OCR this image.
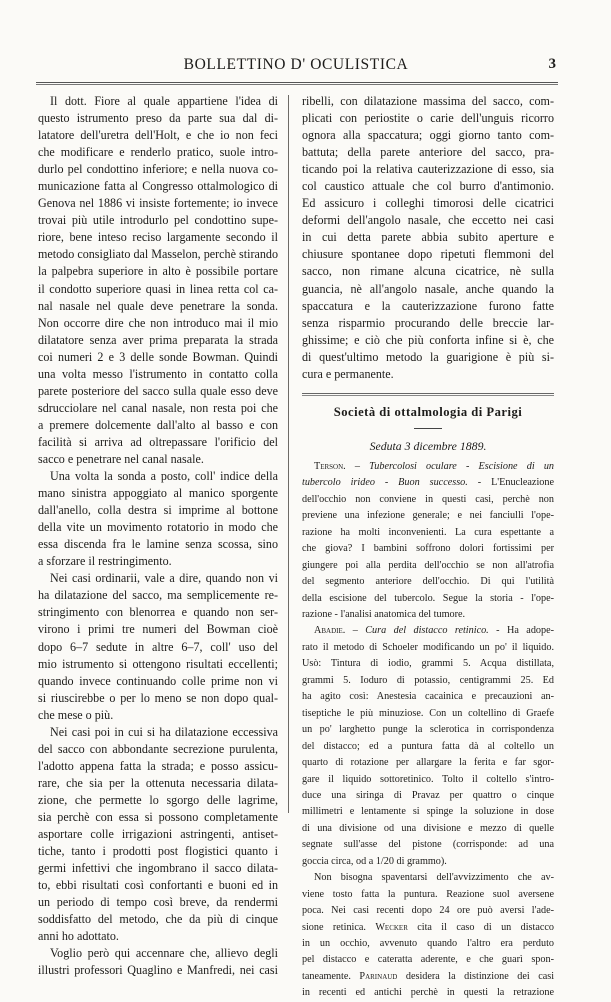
BOLLETTINO D' OCULISTICA	3
Il dott. Fiore al quale appartiene l'idea di
questo istrumento preso da parte sua dal di-
latatore dell'uretra dell'Holt, e che io non feci
che modificare e renderlo pratico, suole intro-
durlo pel condottino inferiore; e nella nuova co-
municazione fatta al Congresso ottalmologico di
Genova nel 1886 vi insiste fortemente; io invece
trovai più utile introdurlo pel condottino supe-
riore, bene inteso reciso largamente secondo il
metodo consigliato dal Masselon, perchè stirando
la palpebra superiore in alto è possibile portare
il condotto superiore quasi in linea retta col ca-
nal nasale nel quale deve penetrare la sonda.
Non occorre dire che non introduco mai il mio
dilatatore senza aver prima preparata la strada
coi numeri 2 e 3 delle sonde Bowman. Quindi
una volta messo l'istrumento in contatto colla
parete posteriore del sacco sulla quale esso deve
sdrucciolare nel canal nasale, non resta poi che
a premere dolcemente dall'alto al basso e con
facilità si arriva ad oltrepassare l'orificio del
sacco e penetrare nel canal nasale.
Una volta la sonda a posto, coll' indice della
mano sinistra appoggiato al manico sporgente
dall'anello, colla destra si imprime al bottone
della vite un movimento rotatorio in modo che
essa discenda fra le lamine senza scossa, sino
a sforzare il restringimento.
Nei casi ordinarii, vale a dire, quando non vi
ha dilatazione del sacco, ma semplicemente re-
stringimento con blenorrea e quando non ser-
virono i primi tre numeri del Bowman cioè
dopo 6–7 sedute in altre 6–7, coll' uso del
mio istrumento si ottengono risultati eccellenti;
quando invece continuando colle prime non vi
si riuscirebbe o per lo meno se non dopo qual-
che mese o più.
Nei casi poi in cui si ha dilatazione eccessiva
del sacco con abbondante secrezione purulenta,
l'adotto appena fatta la strada; e posso assicu-
rare, che sia per la ottenuta necessaria dilata-
zione, che permette lo sgorgo delle lagrime,
sia perchè con essa si possono completamente
asportare colle irrigazioni astringenti, antiset-
tiche, tanto i prodotti post flogistici quanto i
germi infettivi che ingombrano il sacco dilata-
to, ebbi risultati così confortanti e buoni ed in
un periodo di tempo così breve, da rendermi
soddisfatto del metodo, che da più di cinque
anni ho adottato.
Voglio però qui accennare che, allievo degli
illustri professori Quaglino e Manfredi, nei casi
ribelli, con dilatazione massima del sacco, com-
plicati con periostite o carie dell'unguis ricorro
ognora alla spaccatura; oggi giorno tanto com-
battuta; della parete anteriore del sacco, pra-
ticando poi la relativa cauterizzazione di esso, sia
col caustico attuale che col burro d'antimonio.
Ed assicuro i colleghi timorosi delle cicatrici
deformi dell'angolo nasale, che eccetto nei casi
in cui detta parete abbia subito aperture e
chiusure spontanee dopo ripetuti flemmoni del
sacco, non rimane alcuna cicatrice, nè sulla
guancia, nè all'angolo nasale, anche quando la
spaccatura e la cauterizzazione furono fatte
senza risparmio procurando delle breccie lar-
ghissime; e ciò che più conforta infine si è, che
di quest'ultimo metodo la guarigione è più si-
cura e permanente.
Società di ottalmologia di Parigi
Seduta 3 dicembre 1889.
Terson. – Tubercolosi oculare - Escisione di un
tubercolo irideo - Buon successo. - L'Enucleazione
dell'occhio non conviene in questi casi, perchè non
previene una infezione generale; e nei fanciulli l'ope-
razione ha molti inconvenienti. La cura espettante a
che giova? I bambini soffrono dolori fortissimi per
giungere poi alla perdita dell'occhio se non all'atrofia
del segmento anteriore dell'occhio. Di qui l'utilità
della escisione del tubercolo. Segue la storia - l'ope-
razione - l'analisi anatomica del tumore.
Abadie. – Cura del distacco retinico. - Ha adope-
rato il metodo di Schoeler modificando un po' il liquido.
Usò: Tintura di iodio, grammi 5. Acqua distillata,
grammi 5. Ioduro di potassio, centigrammi 25. Ed
ha agito così: Anestesia cacainica e precauzioni an-
tiseptiche le più minuziose. Con un coltellino di Graefe
un po' larghetto punge la sclerotica in corrispondenza
del distacco; ed a puntura fatta dà al coltello un
quarto di rotazione per allargare la ferita e far sgor-
gare il liquido sottoretinico. Tolto il coltello s'intro-
duce una siringa di Pravaz per quattro o cinque
millimetri e lentamente si spinge la soluzione in dose
di una divisione od una divisione e mezzo di quelle
segnate sull'asse del pistone (corrisponde: ad una
goccia circa, od a 1/20 di grammo).
Non bisogna spaventarsi dell'avvizzimento che av-
viene tosto fatta la puntura. Reazione suol aversene
poca. Nei casi recenti dopo 24 ore può aversi l'ade-
sione retinica. Wecker cita il caso di un distacco
in un occhio, avvenuto quando l'altro era perduto
pel distacco e cateratta aderente, e che guarì spon-
taneamente. Parinaud desidera la distinzione dei casi
in recenti ed antichi perchè in questi la retrazione
